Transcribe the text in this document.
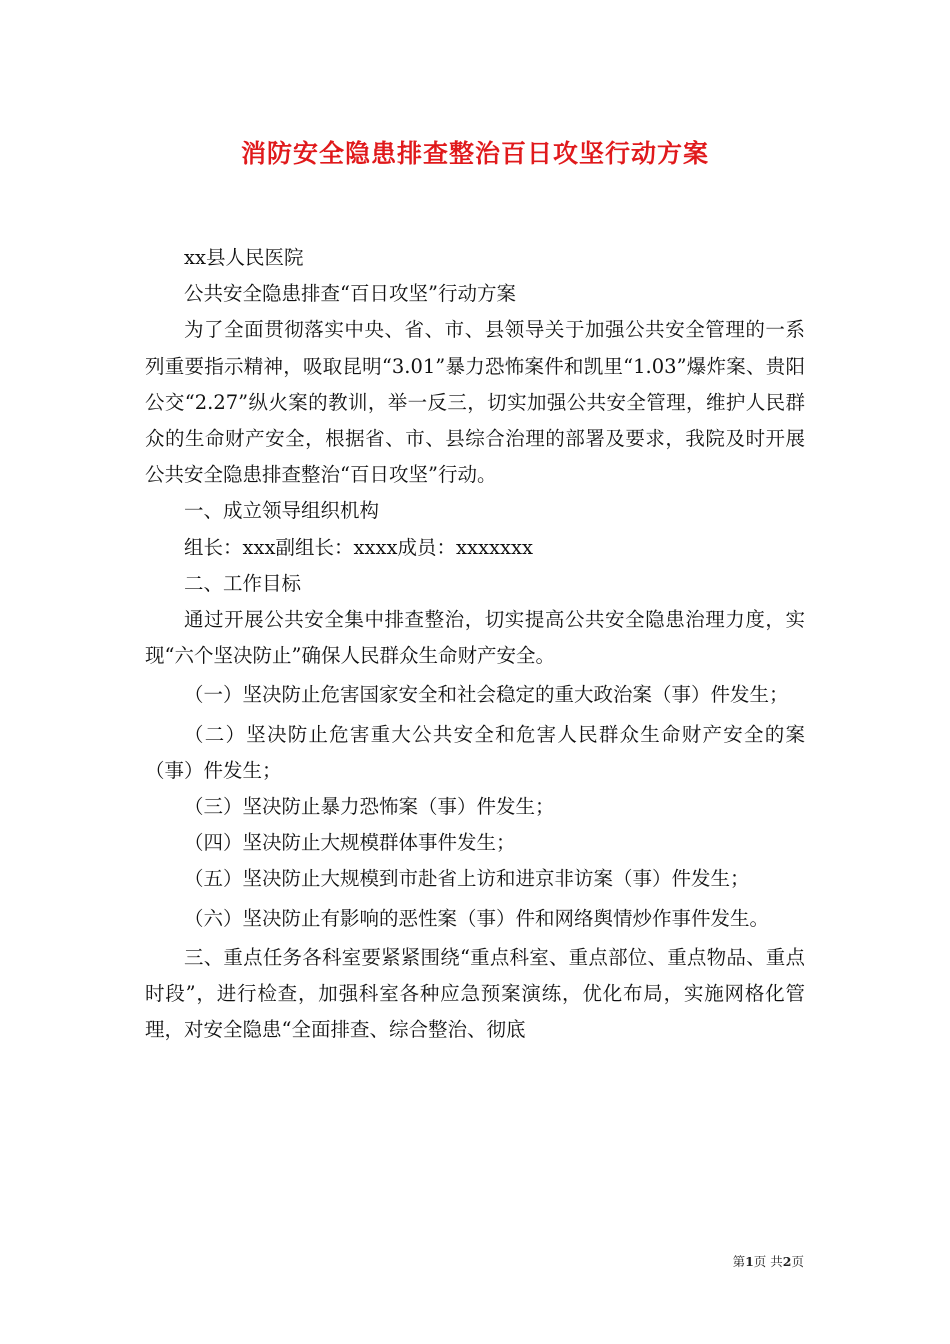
消防安全隐患排查整治百日攻坚行动方案

xx县人民医院

公共安全隐患排查“百日攻坚”行动方案

为了全面贯彻落实中央、省、市、县领导关于加强公共安全管理的一系列重要指示精神，吸取昆明“3.01”暴力恐怖案件和凯里“1.03”爆炸案、贵阳公交“2.27”纵火案的教训，举一反三，切实加强公共安全管理，维护人民群众的生命财产安全，根据省、市、县综合治理的部署及要求，我院及时开展公共安全隐患排查整治“百日攻坚”行动。

一、成立领导组织机构

组长：xxx副组长：xxxx成员：xxxxxxx

二、工作目标

通过开展公共安全集中排查整治，切实提高公共安全隐患治理力度，实现“六个坚决防止”确保人民群众生命财产安全。

（一）坚决防止危害国家安全和社会稳定的重大政治案（事）件发生；

（二）坚决防止危害重大公共安全和危害人民群众生命财产安全的案（事）件发生；

（三）坚决防止暴力恐怖案（事）件发生；

（四）坚决防止大规模群体事件发生；

（五）坚决防止大规模到市赴省上访和进京非访案（事）件发生；

（六）坚决防止有影响的恶性案（事）件和网络舆情炒作事件发生。

三、重点任务各科室要紧紧围绕“重点科室、重点部位、重点物品、重点时段”，进行检查，加强科室各种应急预案演练，优化布局，实施网格化管理，对安全隐患“全面排查、综合整治、彻底

第1页 共2页
